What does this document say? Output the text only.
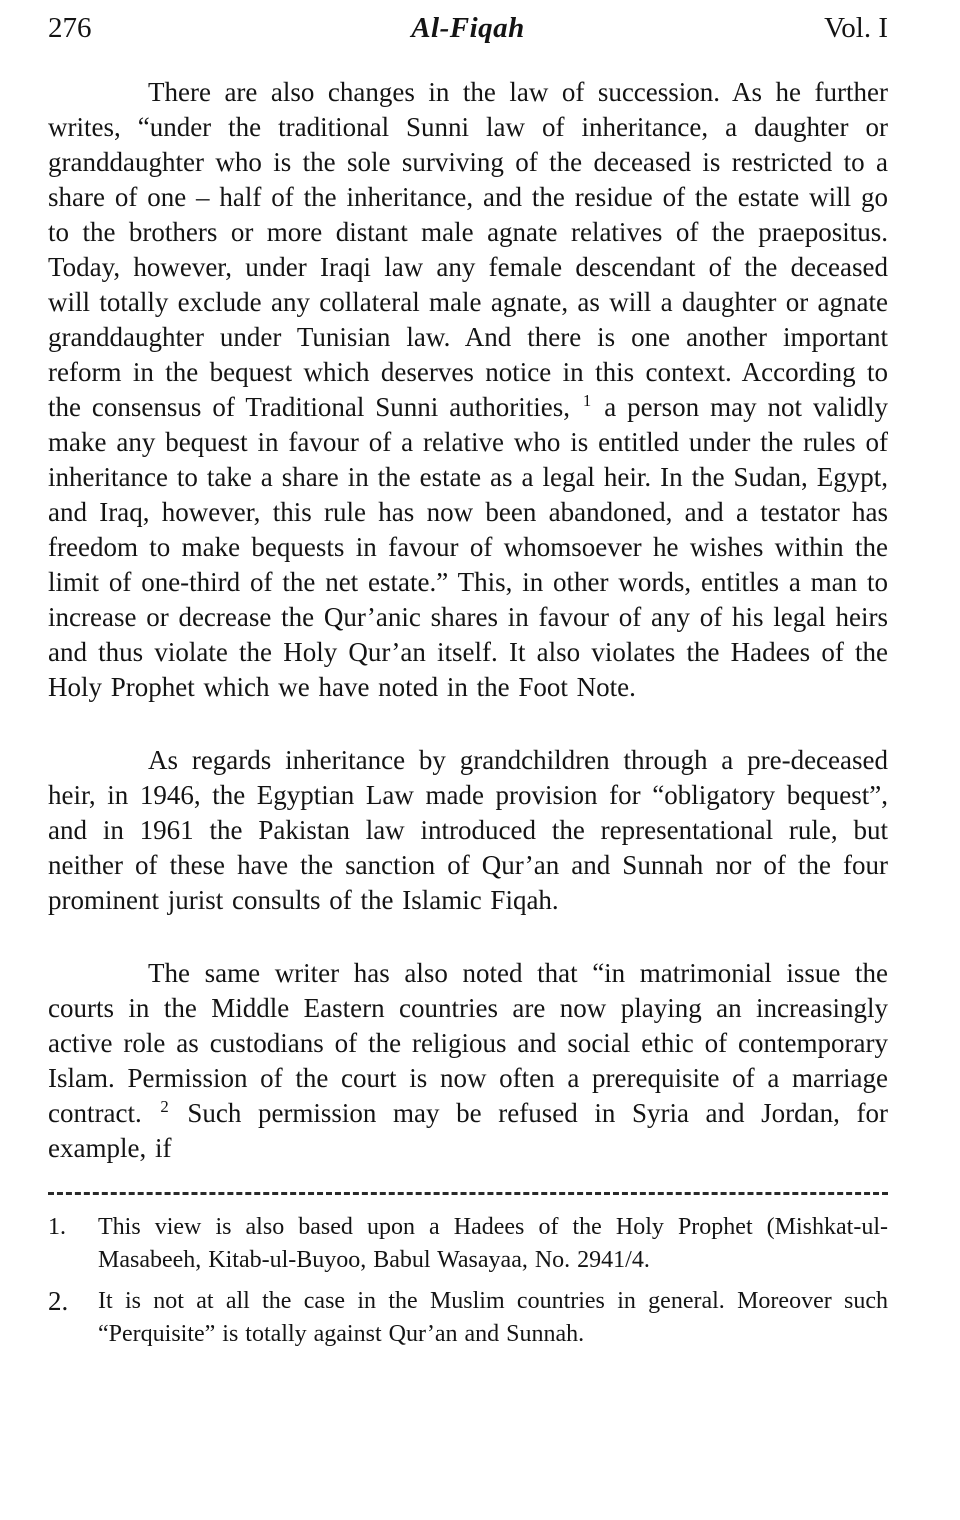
276	Al-Fiqah	Vol. I

There are also changes in the law of succession. As he further writes, “under the traditional Sunni law of inheritance, a daughter or granddaughter who is the sole surviving of the deceased is restricted to a share of one – half of the inheritance, and the residue of the estate will go to the brothers or more distant male agnate relatives of the praepositus. Today, however, under Iraqi law any female descendant of the deceased will totally exclude any collateral male agnate, as will a daughter or agnate granddaughter under Tunisian law. And there is one another important reform in the bequest which deserves notice in this context. According to the consensus of Traditional Sunni authorities, $^1$ a person may not validly make any bequest in favour of a relative who is entitled under the rules of inheritance to take a share in the estate as a legal heir. In the Sudan, Egypt, and Iraq, however, this rule has now been abandoned, and a testator has freedom to make bequests in favour of whomsoever he wishes within the limit of one-third of the net estate.” This, in other words, entitles a man to increase or decrease the Qur’anic shares in favour of any of his legal heirs and thus violate the Holy Qur’an itself. It also violates the Hadees of the Holy Prophet which we have noted in the Foot Note.

As regards inheritance by grandchildren through a pre-deceased heir, in 1946, the Egyptian Law made provision for “obligatory bequest”, and in 1961 the Pakistan law introduced the representational rule, but neither of these have the sanction of Qur’an and Sunnah nor of the four prominent jurist consults of the Islamic Fiqah.

The same writer has also noted that “in matrimonial issue the courts in the Middle Eastern countries are now playing an increasingly active role as custodians of the religious and social ethic of contemporary Islam. Permission of the court is now often a prerequisite of a marriage contract. $^2$ Such permission may be refused in Syria and Jordan, for example, if

1.	This view is also based upon a Hadees of the Holy Prophet (Mishkat-ul-Masabeeh, Kitab-ul-Buyoo, Babul Wasayaa, No. 2941/4.
2.	It is not at all the case in the Muslim countries in general. Moreover such “Perquisite” is totally against Qur’an and Sunnah.
